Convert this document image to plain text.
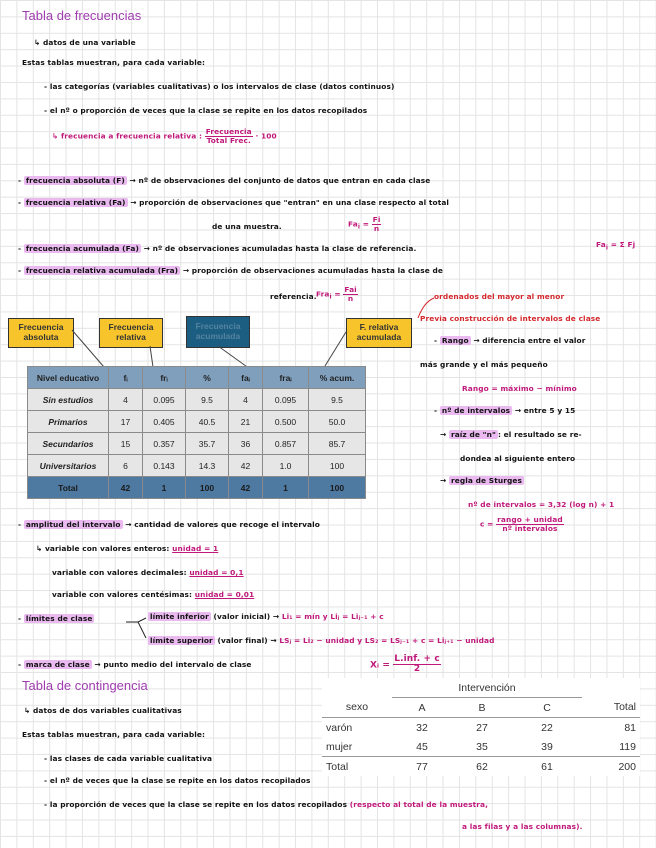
Tabla de frecuencias
↳ datos de una variable
Estas tablas muestran, para cada variable:
- las categorías (variables cualitativas) o los intervalos de clase (datos continuos)
- el nº o proporción de veces que la clase se repite en los datos recopilados
↳ frecuencia a frecuencia relativa : $\frac{\text{Frecuencia}}{\text{Total Frec.}} \cdot 100$
- frecuencia absoluta (F) → nº de observaciones del conjunto de datos que entran en cada clase
- frecuencia relativa (Fa) → proporción de observaciones que "entran" en una clase respecto al total
de una muestra.	$Fa_i = \frac{Fi}{n}$
- frecuencia acumulada (Fa) → nº de observaciones acumuladas hasta la clase de referencia.	$Fa_i = \Sigma$ Fj
- frecuencia relativa acumulada (Fra) → proporción de observaciones acumuladas hasta la clase de
referencia. $Fra_i = \frac{\text{Fai}}{n}$	ordenados del mayor al menor
Frecuencia absoluta
Frecuencia relativa
Frecuencia acumulada
F. relativa acumulada
Nivel educativo	fᵢ	frᵢ	%	faᵢ	fraᵢ	% acum.
Sin estudios	4	0.095	9.5	4	0.095	9.5
Primarios	17	0.405	40.5	21	0.500	50.0
Secundarios	15	0.357	35.7	36	0.857	85.7
Universitarios	6	0.143	14.3	42	1.0	100
Total	42	1	100	42	1	100
Previa construcción de intervalos de clase
- Rango → diferencia entre el valor
más grande y el más pequeño
Rango = máximo − mínimo
- nº de intervalos → entre 5 y 15
→ raíz de "n" : el resultado se re-
dondea al siguiente entero
→ regla de Sturges
nº de intervalos = 3,32 (log n) + 1
- amplitud del intervalo → cantidad de valores que recoge el intervalo	$c = \frac{\text{rango + unidad}}{\text{nº intervalos}}$
↳ variable con valores enteros: unidad = 1
variable con valores decimales: unidad = 0,1
variable con valores centésimas: unidad = 0,01
- límites de clase	límite inferior (valor inicial) → Li₁ = mín y Liⱼ = Liⱼ₋₁ + c
límite superior (valor final) → LSⱼ = Li₂ − unidad y LS₂ = LSⱼ₋₁ + c = Liⱼ₊₁ − unidad
- marca de clase → punto medio del intervalo de clase	Xᵢ = $\frac{\text{L.inf. + c}}{2}$
Tabla de contingencia
↳ datos de dos variables cualitativas
Estas tablas muestran, para cada variable:
- las clases de cada variable cualitativa
- el nº de veces que la clase se repite en los datos recopilados
- la proporción de veces que la clase se repite en los datos recopilados (respecto al total de la muestra,
a las filas y a las columnas).
	Intervención			
sexo	A	B	C	Total
varón	32	27	22	81
mujer	45	35	39	119
Total	77	62	61	200
